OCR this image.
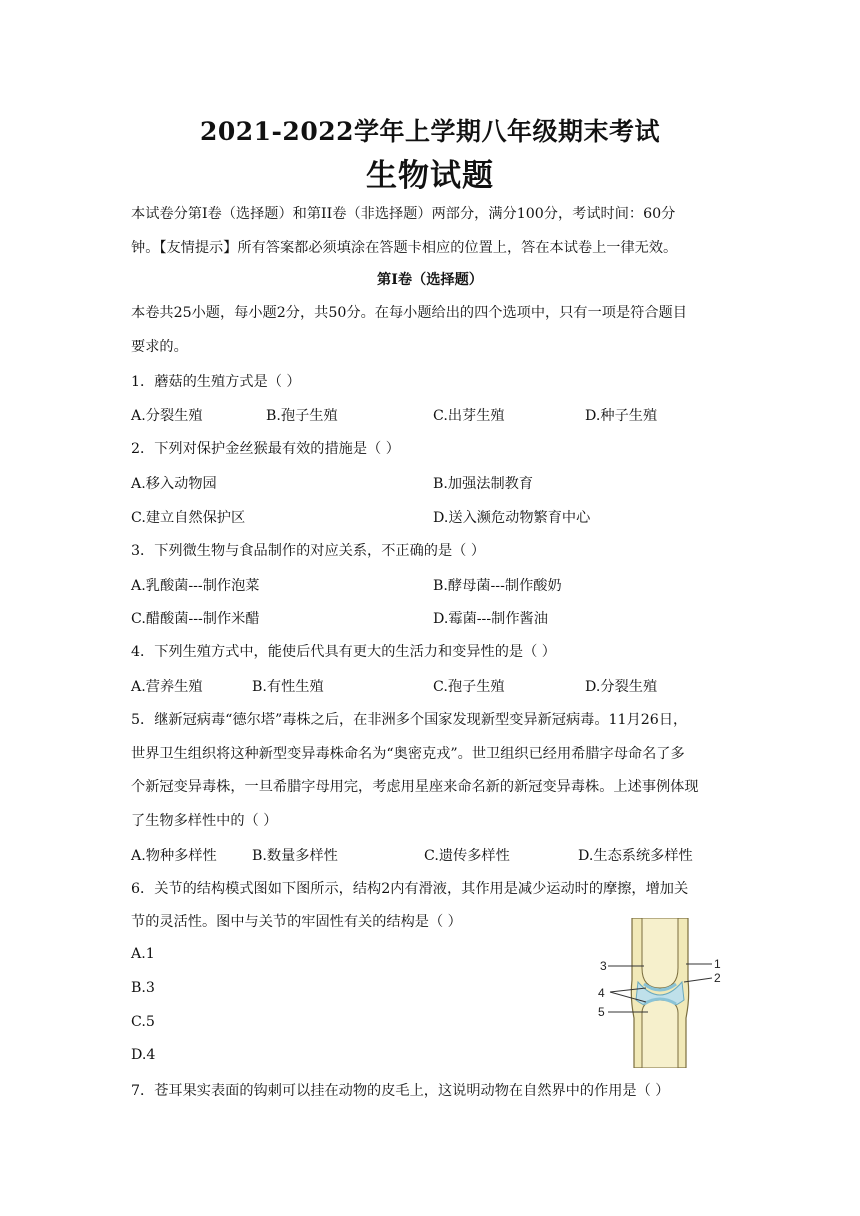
2021-2022学年上学期八年级期末考试
生物试题
本试卷分第Ⅰ卷（选择题）和第II卷（非选择题）两部分，满分100分，考试时间：60分
钟。【友情提示】所有答案都必须填涂在答题卡相应的位置上，答在本试卷上一律无效。
第Ⅰ卷（选择题）
本卷共25小题，每小题2分，共50分。在每小题给出的四个选项中，只有一项是符合题目
要求的。
1．蘑菇的生殖方式是（ ）
A.分裂生殖	B.孢子生殖	C.出芽生殖	D.种子生殖
2．下列对保护金丝猴最有效的措施是（ ）
A.移入动物园	B.加强法制教育
C.建立自然保护区	D.送入濒危动物繁育中心
3．下列微生物与食品制作的对应关系，不正确的是（ ）
A.乳酸菌---制作泡菜	B.酵母菌---制作酸奶
C.醋酸菌---制作米醋	D.霉菌---制作酱油
4．下列生殖方式中，能使后代具有更大的生活力和变异性的是（ ）
A.营养生殖	B.有性生殖	C.孢子生殖	D.分裂生殖
5．继新冠病毒“德尔塔”毒株之后，在非洲多个国家发现新型变异新冠病毒。11月26日，
世界卫生组织将这种新型变异毒株命名为“奥密克戎”。世卫组织已经用希腊字母命名了多
个新冠变异毒株，一旦希腊字母用完，考虑用星座来命名新的新冠变异毒株。上述事例体现
了生物多样性中的（ ）
A.物种多样性 B.数量多样性	C.遗传多样性	D.生态系统多样性
6．关节的结构模式图如下图所示，结构2内有滑液，其作用是减少运动时的摩擦，增加关
节的灵活性。图中与关节的牢固性有关的结构是（ ）
A.1
B.3
C.5
D.4
3	1
2
4
5
7．苍耳果实表面的钩刺可以挂在动物的皮毛上，这说明动物在自然界中的作用是（ ）
